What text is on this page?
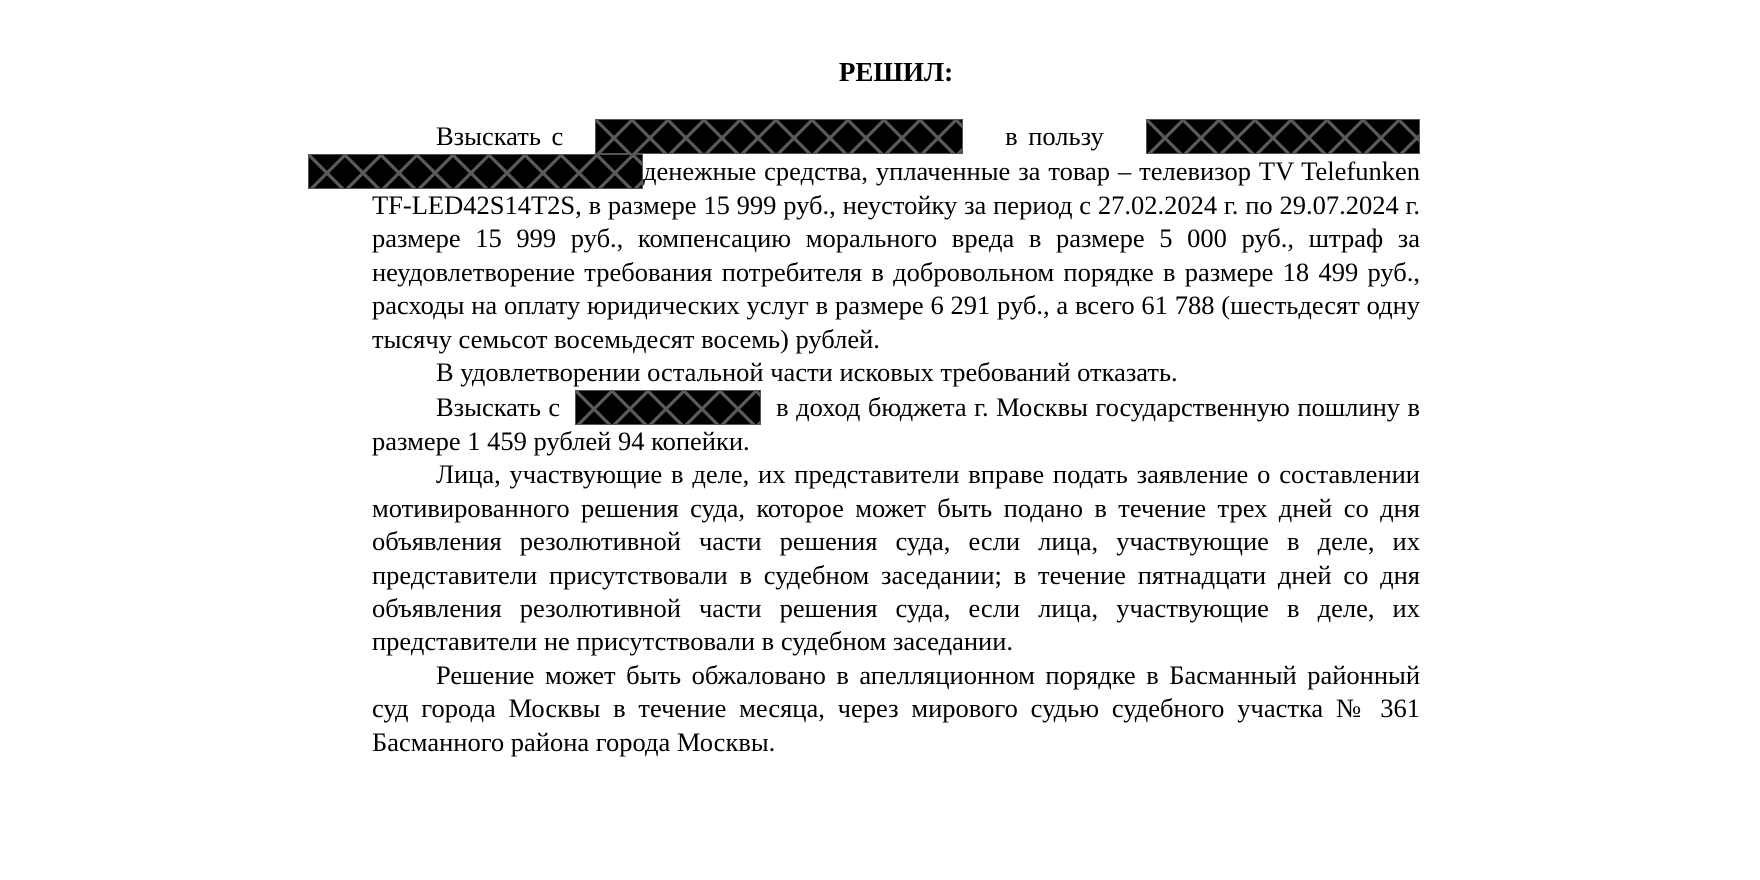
РЕШИЛ:

Взыскать с	в пользу     денежные средства, уплаченные за товар – телевизор TV Telefunken TF-LED42S14T2S, в размере 15 999 руб., неустойку за период с 27.02.2024 г. по 29.07.2024 г. размере 15 999 руб., компенсацию морального вреда в размере 5 000 руб., штраф за неудовлетворение требования потребителя в добровольном порядке в размере 18 499 руб., расходы на оплату юридических услуг в размере 6 291 руб., а всего 61 788 (шестьдесят одну тысячу семьсот восемьдесят восемь) рублей.

В удовлетворении остальной части исковых требований отказать.

Взыскать с	в доход бюджета г. Москвы государственную пошлину в размере 1 459 рублей 94 копейки.

Лица, участвующие в деле, их представители вправе подать заявление о составлении мотивированного решения суда, которое может быть подано в течение трех дней со дня объявления резолютивной части решения суда, если лица, участвующие в деле, их представители присутствовали в судебном заседании; в течение пятнадцати дней со дня объявления резолютивной части решения суда, если лица, участвующие в деле, их представители не присутствовали в судебном заседании.

Решение может быть обжаловано в апелляционном порядке в Басманный районный суд города Москвы в течение месяца, через мирового судью судебного участка № 361 Басманного района города Москвы.
